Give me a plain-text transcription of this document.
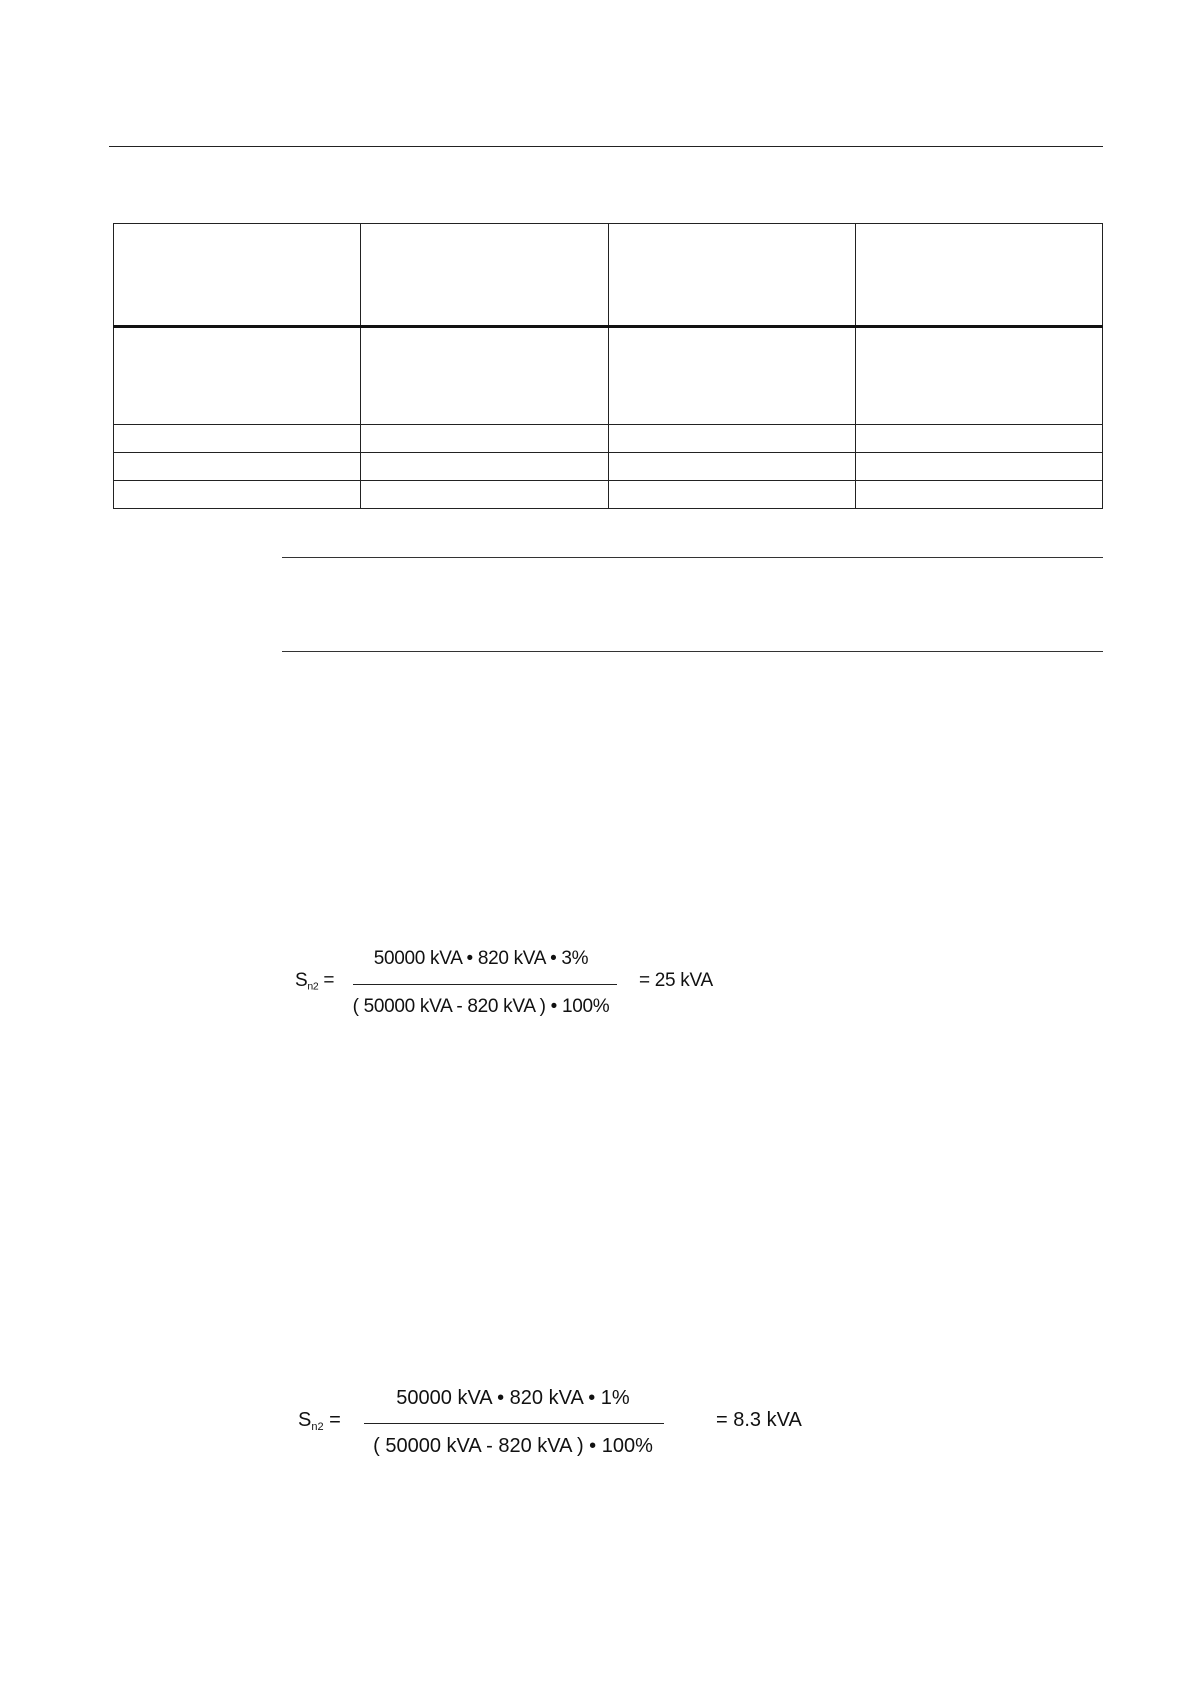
$S_{n2}$ =
50000 kVA • 820 kVA • 3%
( 50000 kVA - 820 kVA ) • 100%
= 25 kVA
$S_{n2}$ =
50000 kVA • 820 kVA • 1%
( 50000 kVA - 820 kVA ) • 100%
= 8.3 kVA
